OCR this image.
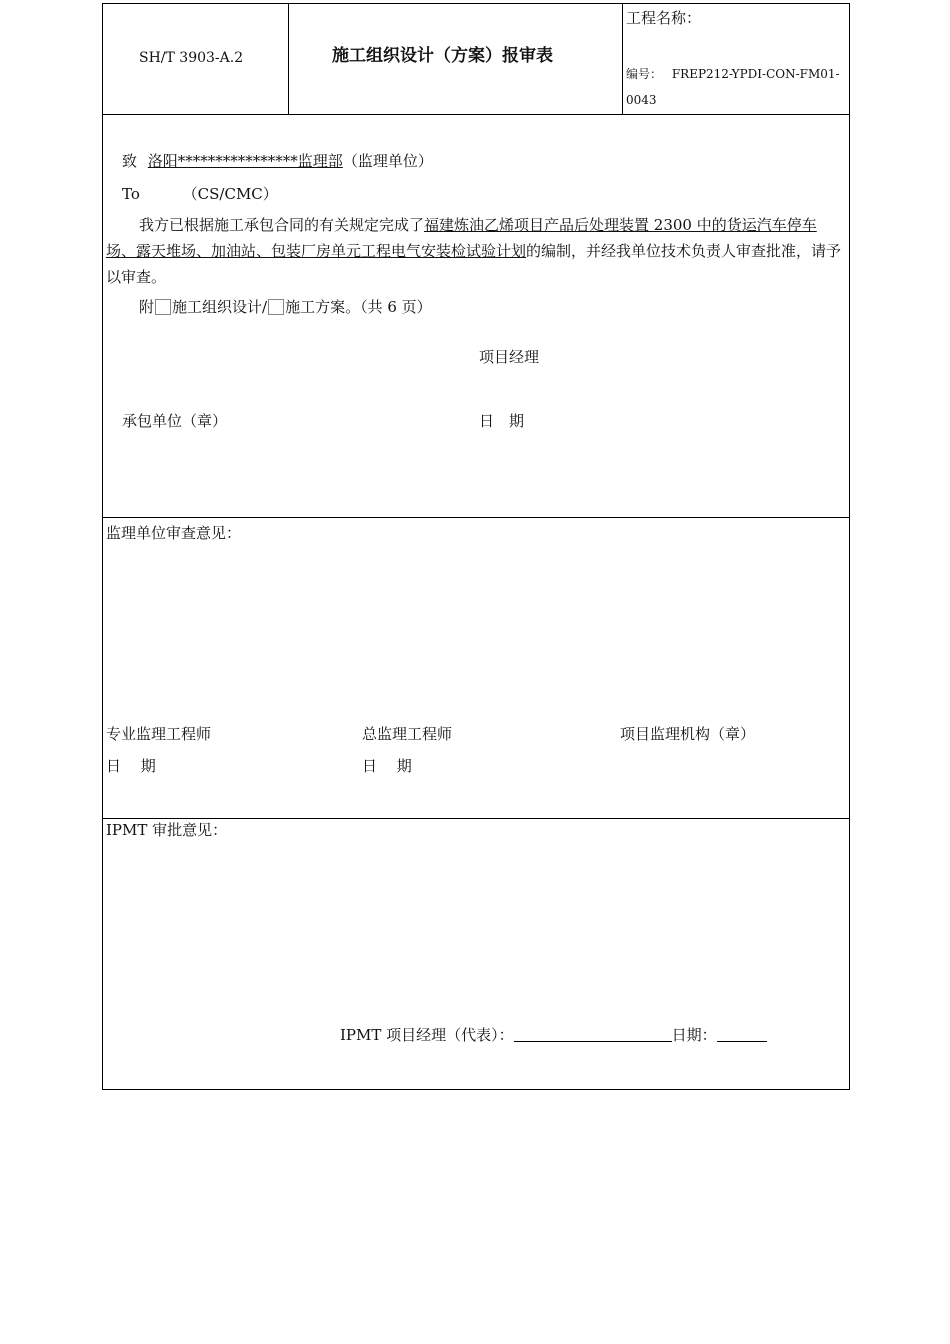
SH/T 3903-A.2	施工组织设计（方案）报审表
工程名称：
编号： FREP212-YPDI-CON-FM01-
0043
致 洛阳****************监理部（监理单位）
To	（CS/CMC）
我方已根据施工承包合同的有关规定完成了福建炼油乙烯项目产品后处理装置 2300 中的货运汽车停车场、露天堆场、加油站、包装厂房单元工程电气安装检试验计划的编制，并经我单位技术负责人审查批准，请予以审查。
附 施工组织设计/ 施工方案。（共 6 页）
项目经理
承包单位（章）	日　期
监理单位审查意见：
专业监理工程师	总监理工程师	项目监理机构（章）
日　 期	日　 期
IPMT 审批意见：
IPMT 项目经理（代表）：	日期：
